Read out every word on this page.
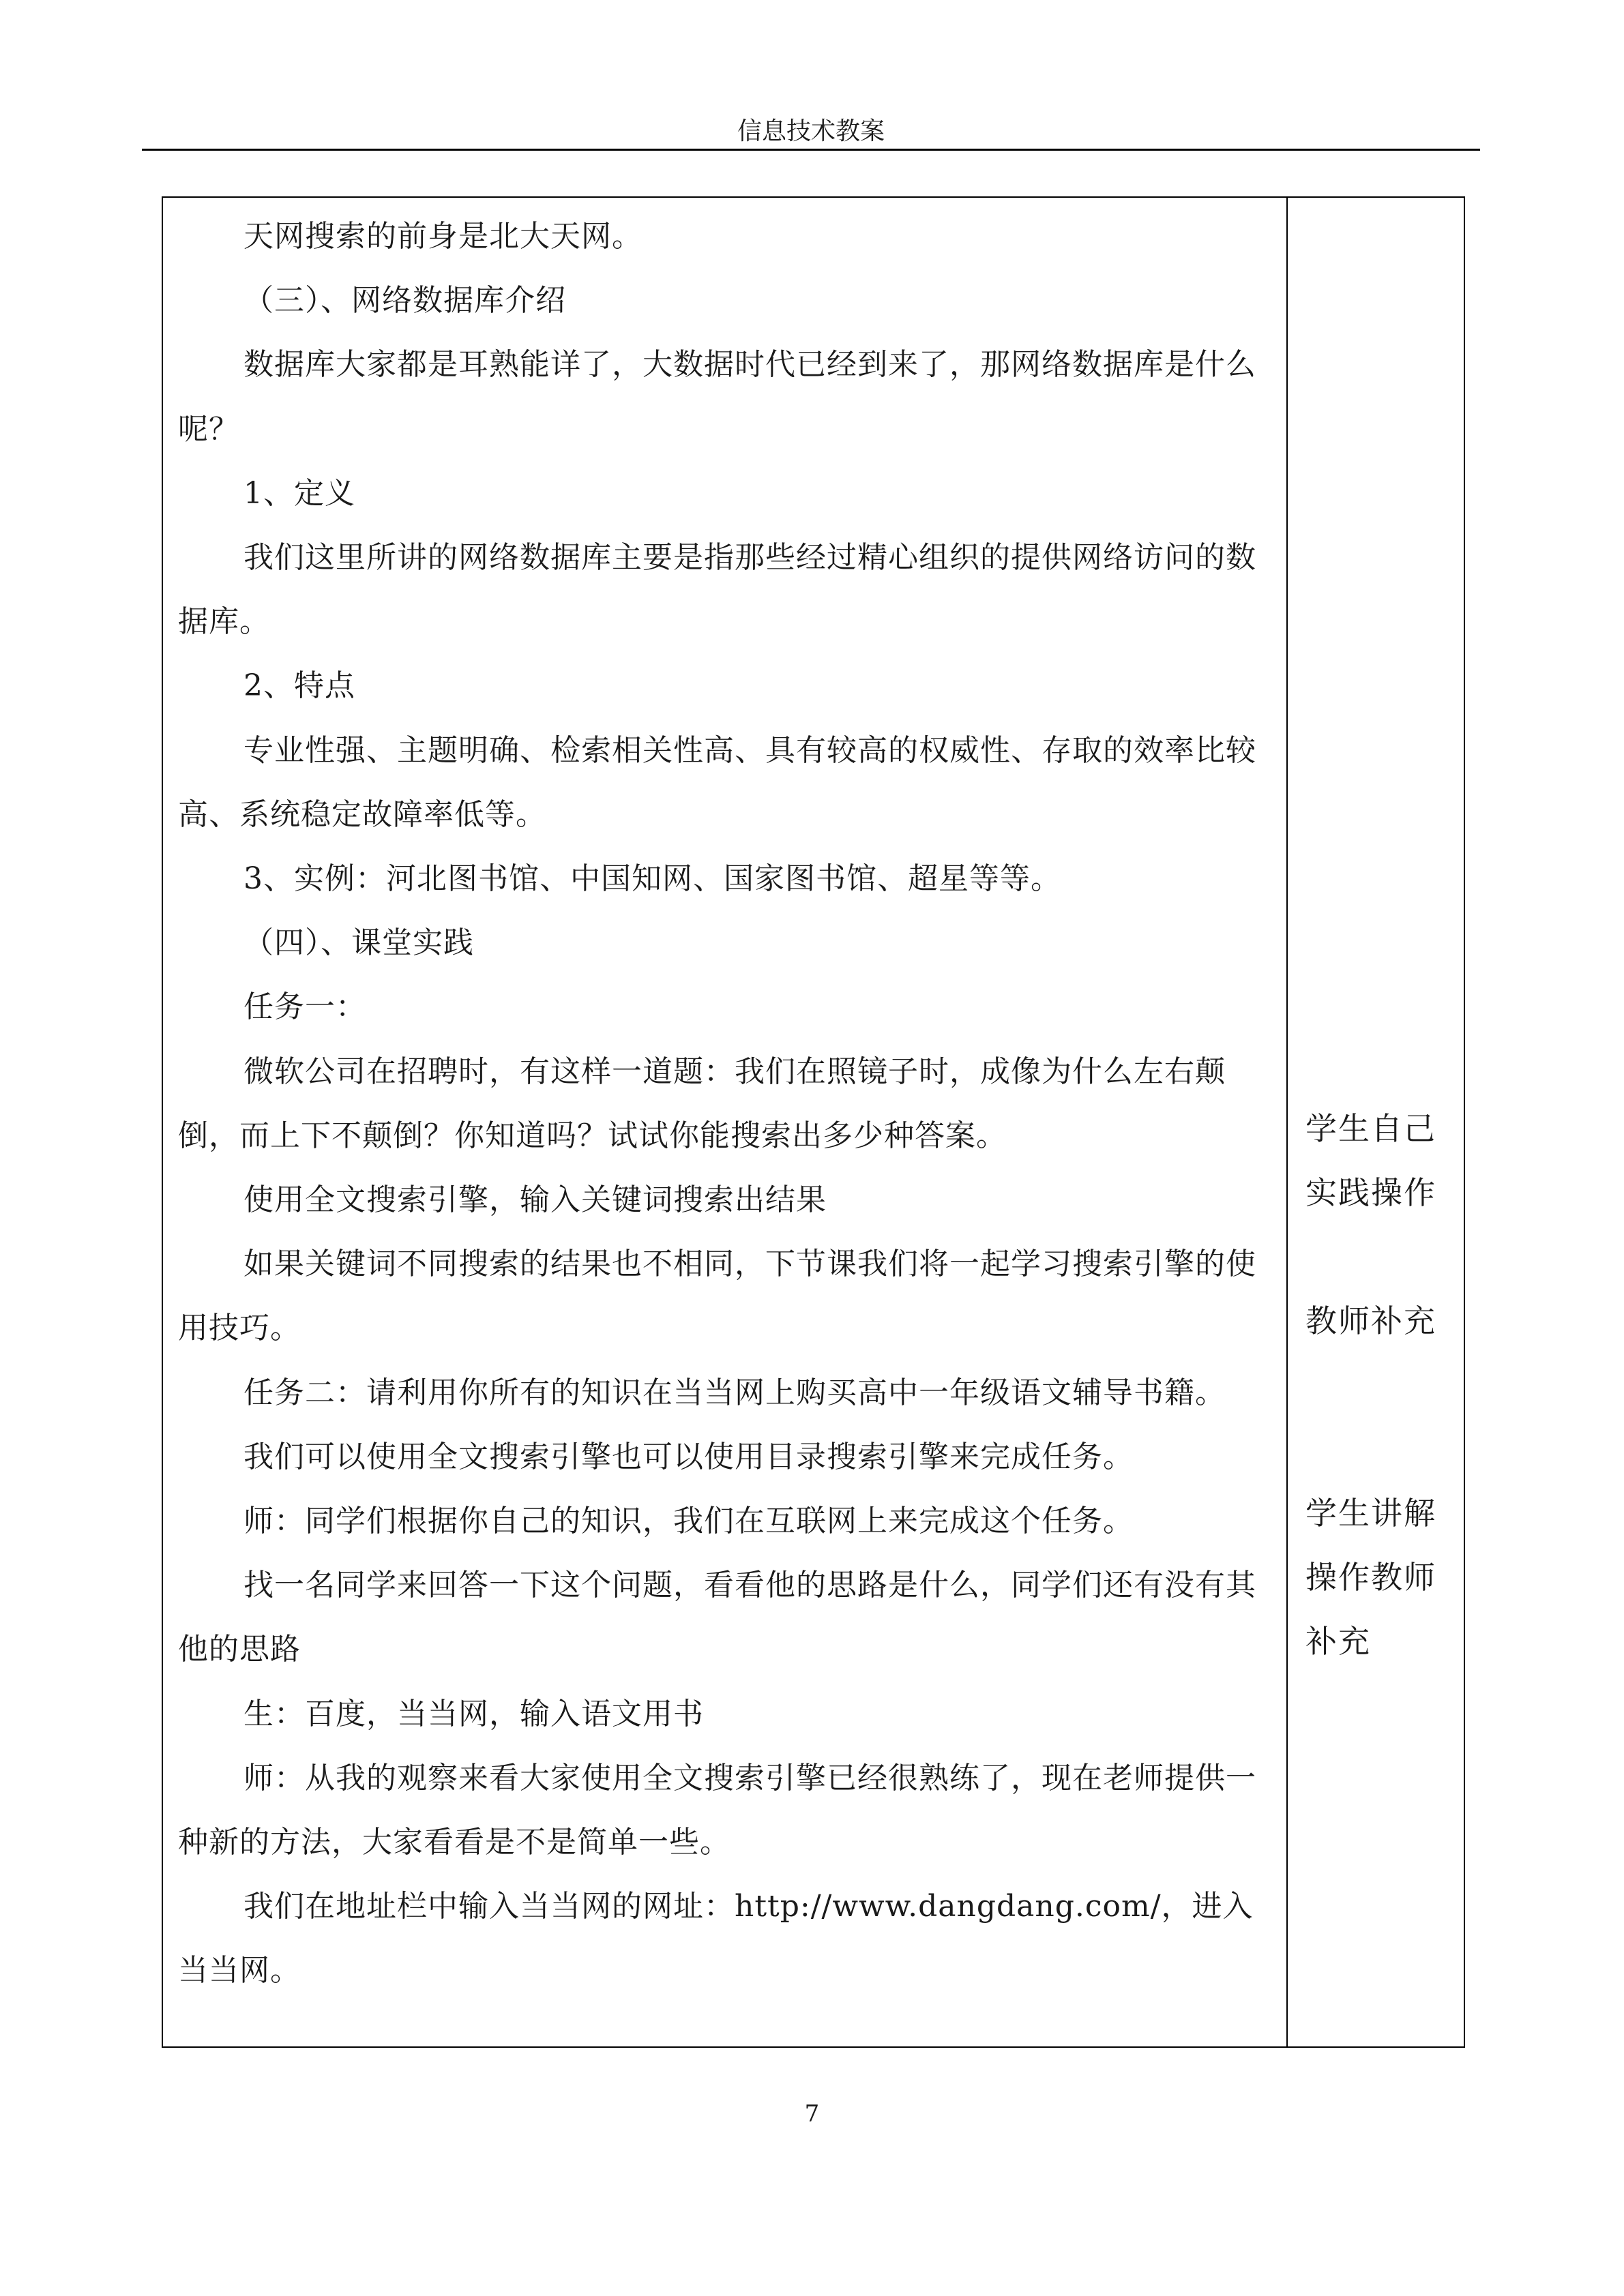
信息技术教案

天网搜索的前身是北大天网。

（三）、网络数据库介绍

数据库大家都是耳熟能详了，大数据时代已经到来了，那网络数据库是什么呢？

1、定义

我们这里所讲的网络数据库主要是指那些经过精心组织的提供网络访问的数据库。

2、特点

专业性强、主题明确、检索相关性高、具有较高的权威性、存取的效率比较高、系统稳定故障率低等。

3、实例：河北图书馆、中国知网、国家图书馆、超星等等。

（四）、课堂实践

任务一：

微软公司在招聘时，有这样一道题：我们在照镜子时，成像为什么左右颠倒，而上下不颠倒？你知道吗？试试你能搜索出多少种答案。

使用全文搜索引擎，输入关键词搜索出结果

如果关键词不同搜索的结果也不相同，下节课我们将一起学习搜索引擎的使用技巧。

任务二：请利用你所有的知识在当当网上购买高中一年级语文辅导书籍。

我们可以使用全文搜索引擎也可以使用目录搜索引擎来完成任务。

师：同学们根据你自己的知识，我们在互联网上来完成这个任务。

找一名同学来回答一下这个问题，看看他的思路是什么，同学们还有没有其他的思路

生：百度，当当网，输入语文用书

师：从我的观察来看大家使用全文搜索引擎已经很熟练了，现在老师提供一种新的方法，大家看看是不是简单一些。

我们在地址栏中输入当当网的网址：http://www.dangdang.com/，进入当当网。

学生自己实践操作
教师补充
学生讲解操作教师补充
7
